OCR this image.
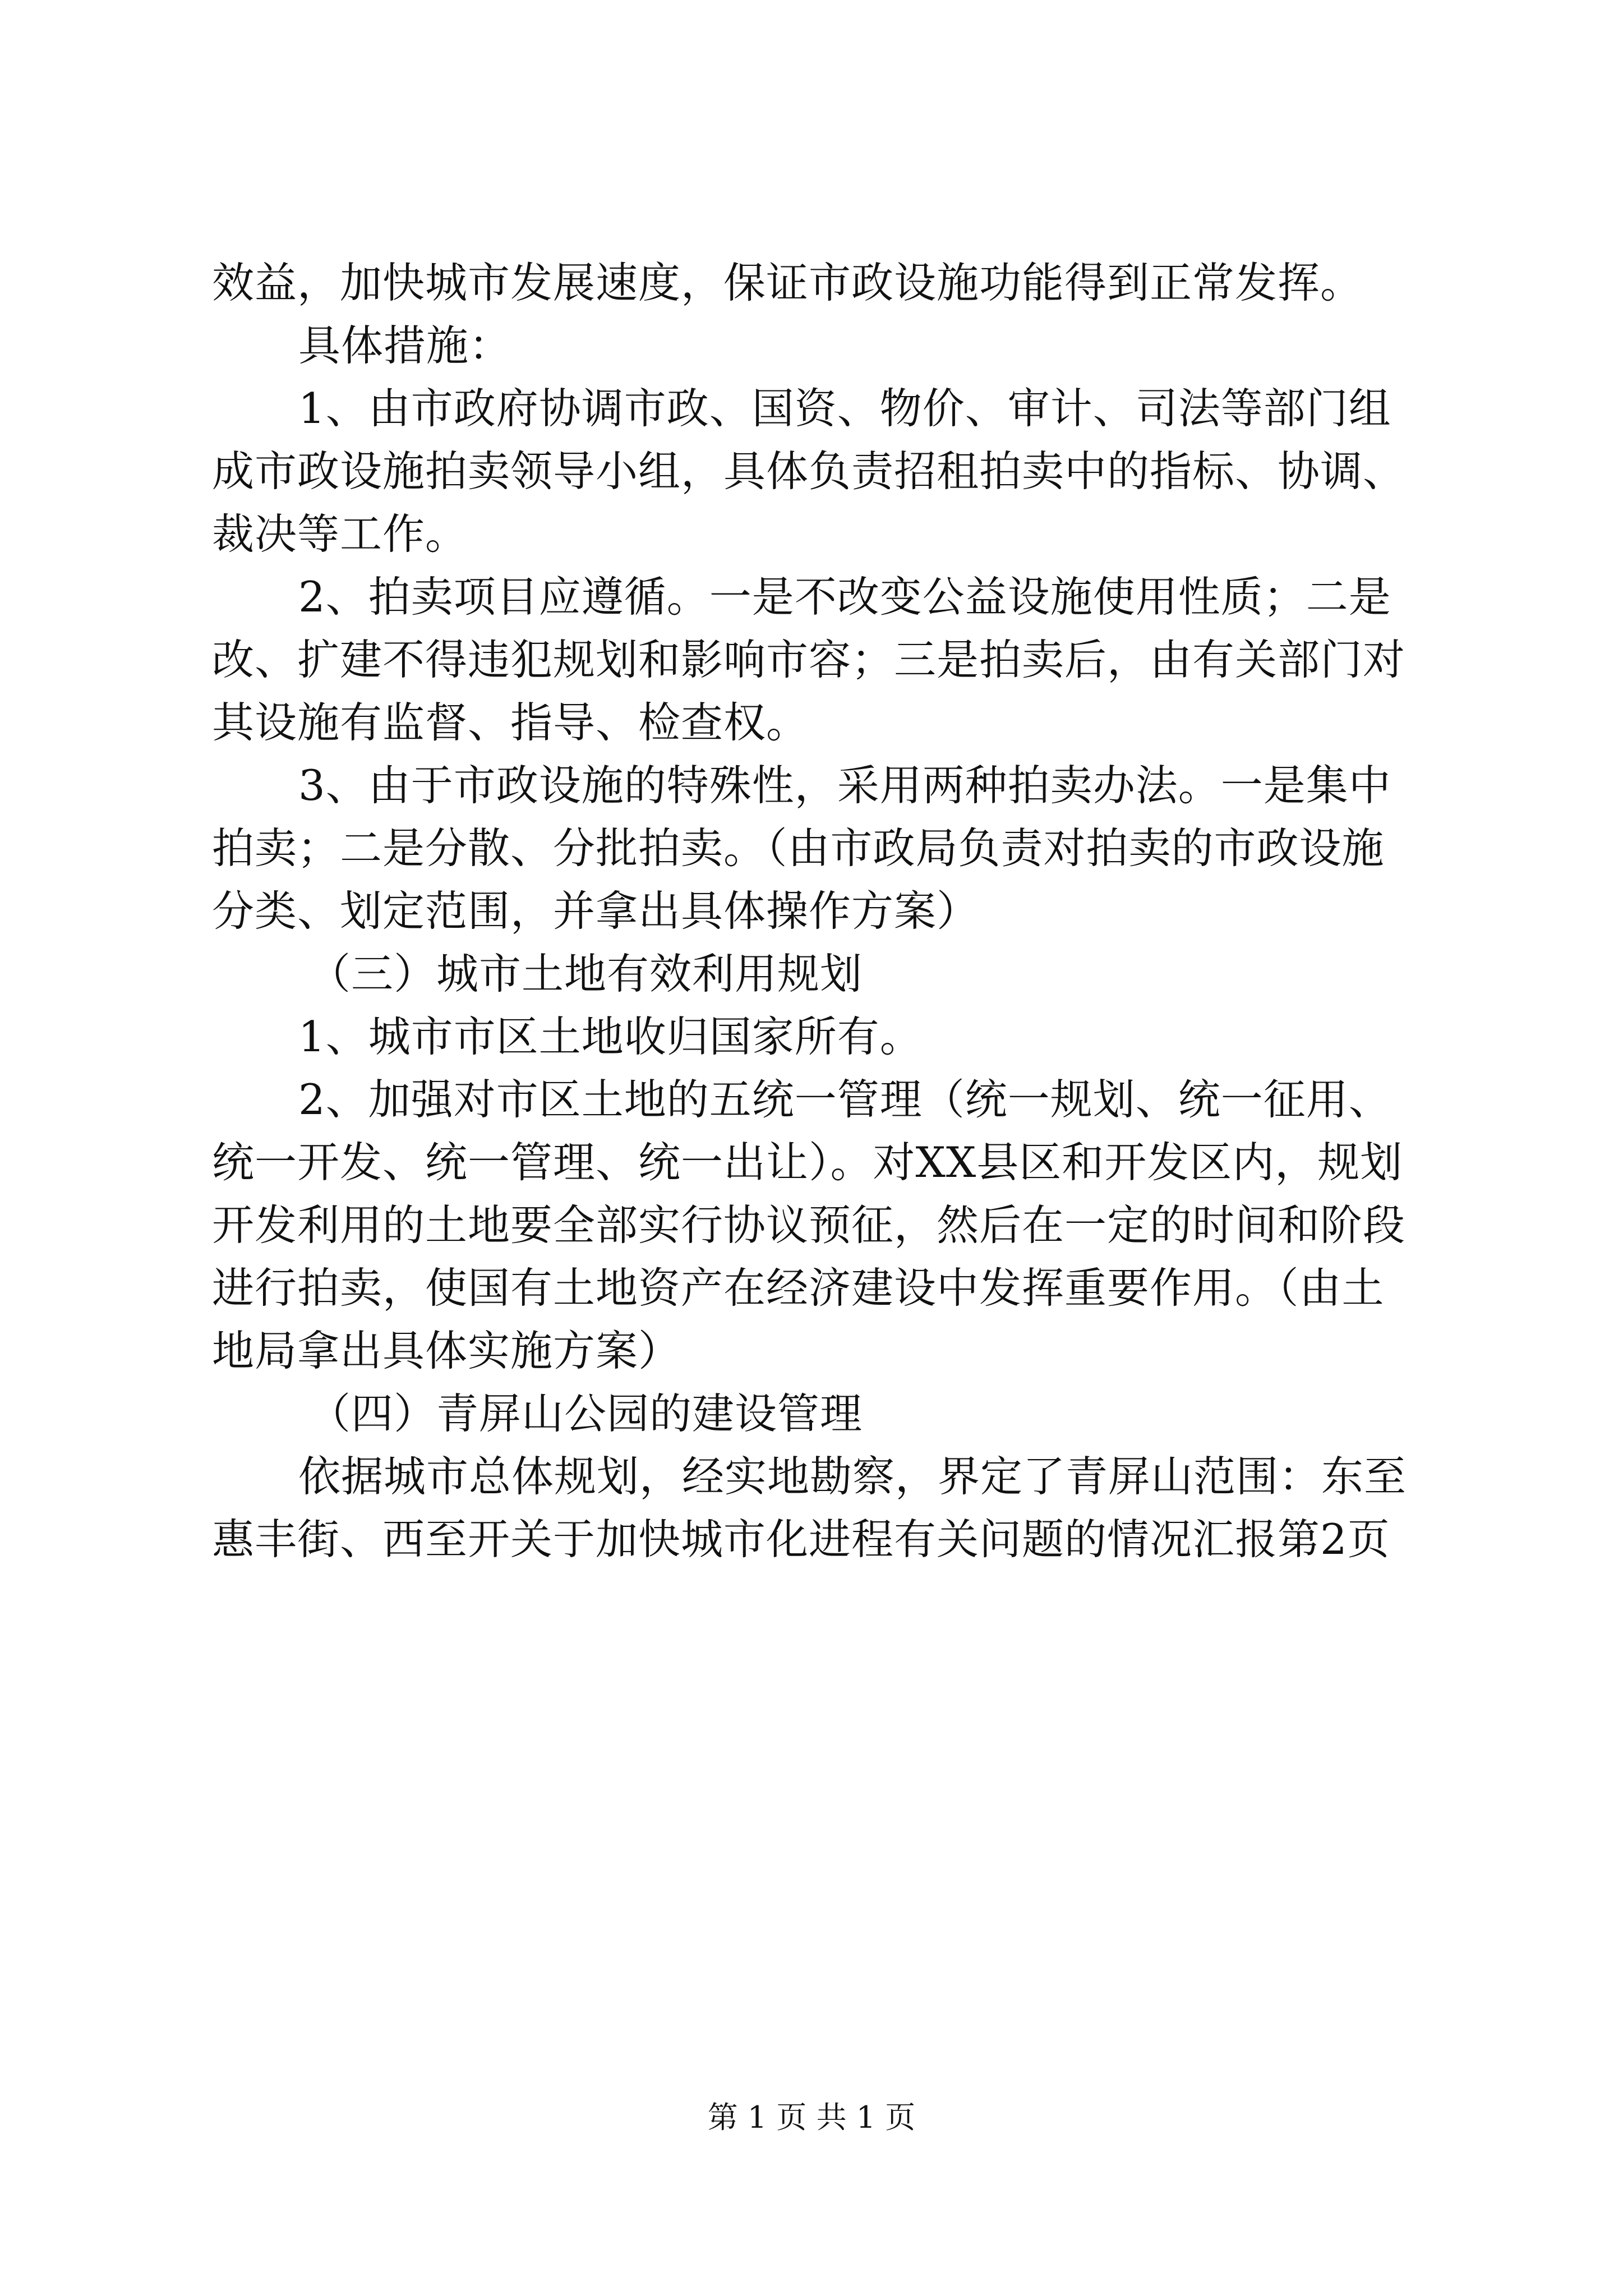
效益，加快城市发展速度，保证市政设施功能得到正常发挥。
具体措施：
1、由市政府协调市政、国资、物价、审计、司法等部门组
成市政设施拍卖领导小组，具体负责招租拍卖中的指标、协调、
裁决等工作。
2、拍卖项目应遵循。一是不改变公益设施使用性质；二是
改、扩建不得违犯规划和影响市容；三是拍卖后，由有关部门对
其设施有监督、指导、检查权。
3、由于市政设施的特殊性，采用两种拍卖办法。一是集中
拍卖；二是分散、分批拍卖。（由市政局负责对拍卖的市政设施
分类、划定范围，并拿出具体操作方案）
（三）城市土地有效利用规划
1、城市市区土地收归国家所有。
2、加强对市区土地的五统一管理（统一规划、统一征用、
统一开发、统一管理、统一出让）。对XX县区和开发区内，规划
开发利用的土地要全部实行协议预征，然后在一定的时间和阶段
进行拍卖，使国有土地资产在经济建设中发挥重要作用。（由土
地局拿出具体实施方案）
（四）青屏山公园的建设管理
依据城市总体规划，经实地勘察，界定了青屏山范围：东至
惠丰街、西至开关于加快城市化进程有关问题的情况汇报第2页
第 1 页 共 1 页
